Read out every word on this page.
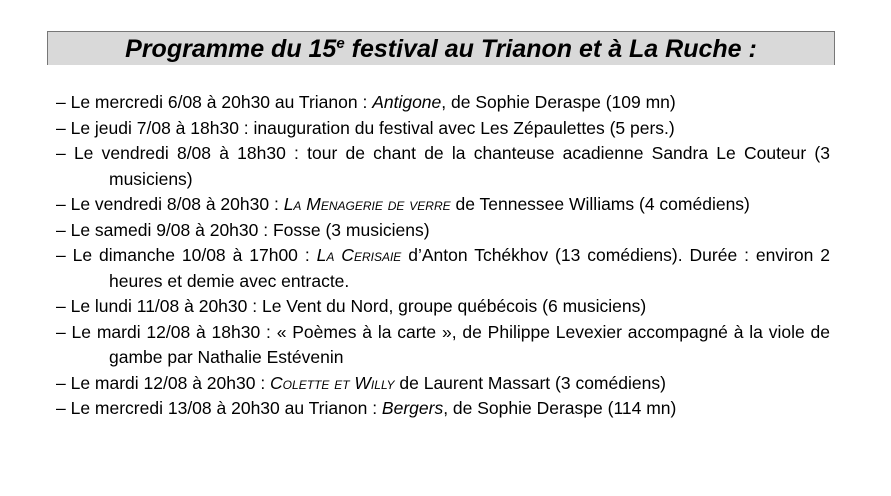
Programme du 15e festival au Trianon et à La Ruche :
– Le mercredi 6/08 à 20h30 au Trianon : Antigone, de Sophie Deraspe (109 mn)
– Le jeudi 7/08 à 18h30 : inauguration du festival avec Les Zépaulettes (5 pers.)
– Le vendredi 8/08 à 18h30 : tour de chant de la chanteuse acadienne Sandra Le Couteur (3 musiciens)
– Le vendredi 8/08 à 20h30 : La Menagerie de verre de Tennessee Williams (4 comédiens)
– Le samedi 9/08 à 20h30 : Fosse (3 musiciens)
– Le dimanche 10/08 à 17h00 : La Cerisaie d’Anton Tchékhov (13 comédiens). Durée : environ 2 heures et demie avec entracte.
– Le lundi 11/08 à 20h30 : Le Vent du Nord, groupe québécois (6 musiciens)
– Le mardi 12/08 à 18h30 : « Poèmes à la carte », de Philippe Levexier accompagné à la viole de gambe par Nathalie Estévenin
– Le mardi 12/08 à 20h30 : Colette et Willy de Laurent Massart (3 comédiens)
– Le mercredi 13/08 à 20h30 au Trianon : Bergers, de Sophie Deraspe (114 mn)
